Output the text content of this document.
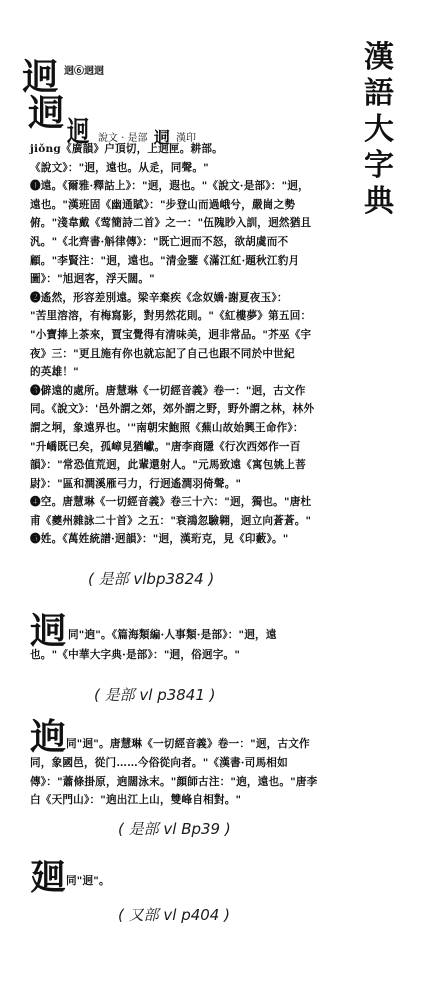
漢
語
大
字
典
迥 迥⑥迥迥
迵 迥 說文 · 是部 迵 漢印

jiǒng《廣韻》户頂切，上迥匣。耕部。

《說文》："迥，遠也。从辵，同聲。"

❶遠。《爾雅·釋詁上》："迥，遐也。"《說文·是部》："迥，

遠也。"漢班固《幽通賦》："步登山而過峨兮，嚴崗之勢

俯。"淺韋戴《莺簡詩二首》之一："伍隗眇入訓，迥然猶且

汎。"《北齊書·斛律傳》："既亡迥而不怒，欲胡虞而不

顧。"李賢注："迥，遠也。"清金鑒《滿江紅·題秋江豹月

圖》："旭迥客，浮天闊。"

❷遙然，形容差別遠。梁辛棄疾《念奴嬌·謝夏夜玉》：

"苦里溶溶，有梅寫影，對男然花則。"《紅樓夢》第五回：

"小寶捧上茶來，賈宝覺得有清味美，迥非常品。"芥巫《宇

夜》三："更且施有你也就忘記了自己也跟不同於中世紀

的英雄！"

❸僻遠的處所。唐慧琳《一切經音義》卷一："迥，古文作

同。《說文》：'邑外謂之郊，郊外謂之野，野外謂之林，林外

謂之坰，象遠界也。'"南朝宋鮑照《蕪山故始興王命作》：

"升嶠既已矣，孤嶂見猶巘。"唐李商隱《行次西郊作一百

韻》："常恐值荒迥，此輩還射人。"元馬致遠《寓包姚上菩

尉》："區和澗溪雁弓力，行迥遙澗羽倚聲。"

❹空。唐慧琳《一切經音義》卷三十六："迥，獨也。"唐杜

甫《夔州雜詠二十首》之五："衰鴻忽驗翱，迥立向蒼蒼。"

❺姓。《萬姓統譜·迥韻》："迥，漢珩克，見《印藪》。"

( 是部 vlbp3824 )
迵 同"逈"。《篇海類編·人事類·是部》："迵，遠

也。"《中華大字典·是部》："迵，俗迥字。"

( 是部 vl p3841 )
逈 同"迥"。唐慧琳《一切經音義》卷一："迥，古文作

同，象國邑，從门……今俗從向者。"《漢書·司馬相如

傳》："蕭條掛原，逈闊泳末。"顔師古注："逈，遠也。"唐李

白《天門山》："逈出江上山，雙峰自相對。"

( 是部 vl Bp39 )
廻 同"迥"。

( 又部 vl p404 )
